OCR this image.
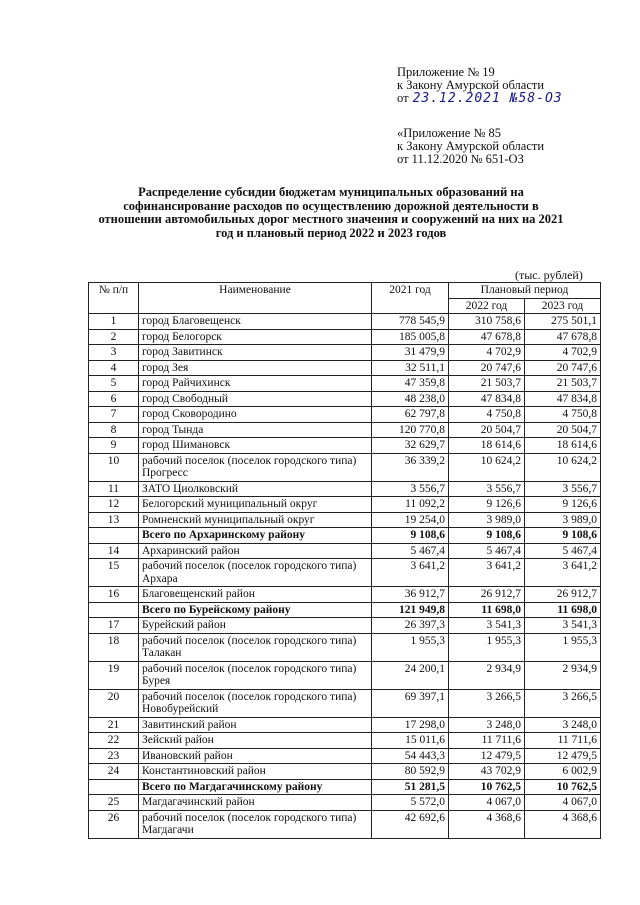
Приложение № 19
к Закону Амурской области
от 23.12.2021 №58-ОЗ
«Приложение № 85
к Закону Амурской области
от 11.12.2020 № 651-ОЗ
Распределение субсидии бюджетам муниципальных образований на софинансирование расходов по осуществлению дорожной деятельности в отношении автомобильных дорог местного значения и сооружений на них на 2021 год и плановый период 2022 и 2023 годов
(тыс. рублей)
№ п/п	Наименование	2021 год	Плановый период	
			2022 год	2023 год
1	город Благовещенск	778 545,9	310 758,6	275 501,1
2	город Белогорск	185 005,8	47 678,8	47 678,8
3	город Завитинск	31 479,9	4 702,9	4 702,9
4	город Зея	32 511,1	20 747,6	20 747,6
5	город Райчихинск	47 359,8	21 503,7	21 503,7
6	город Свободный	48 238,0	47 834,8	47 834,8
7	город Сковородино	62 797,8	4 750,8	4 750,8
8	город Тында	120 770,8	20 504,7	20 504,7
9	город Шимановск	32 629,7	18 614,6	18 614,6
10	рабочий поселок (поселок городского типа) Прогресс	36 339,2	10 624,2	10 624,2
11	ЗАТО Циолковский	3 556,7	3 556,7	3 556,7
12	Белогорский муниципальный округ	11 092,2	9 126,6	9 126,6
13	Ромненский муниципальный округ	19 254,0	3 989,0	3 989,0
	Всего по Архаринскому району	9 108,6	9 108,6	9 108,6
14	Архаринский район	5 467,4	5 467,4	5 467,4
15	рабочий поселок (поселок городского типа) Архара	3 641,2	3 641,2	3 641,2
16	Благовещенский район	36 912,7	26 912,7	26 912,7
	Всего по Бурейскому району	121 949,8	11 698,0	11 698,0
17	Бурейский район	26 397,3	3 541,3	3 541,3
18	рабочий поселок (поселок городского типа) Талакан	1 955,3	1 955,3	1 955,3
19	рабочий поселок (поселок городского типа) Бурея	24 200,1	2 934,9	2 934,9
20	рабочий поселок (поселок городского типа) Новобурейский	69 397,1	3 266,5	3 266,5
21	Завитинский район	17 298,0	3 248,0	3 248,0
22	Зейский район	15 011,6	11 711,6	11 711,6
23	Ивановский район	54 443,3	12 479,5	12 479,5
24	Константиновский район	80 592,9	43 702,9	6 002,9
	Всего по Магдагачинскому району	51 281,5	10 762,5	10 762,5
25	Магдагачинский район	5 572,0	4 067,0	4 067,0
26	рабочий поселок (поселок городского типа) Магдагачи	42 692,6	4 368,6	4 368,6
